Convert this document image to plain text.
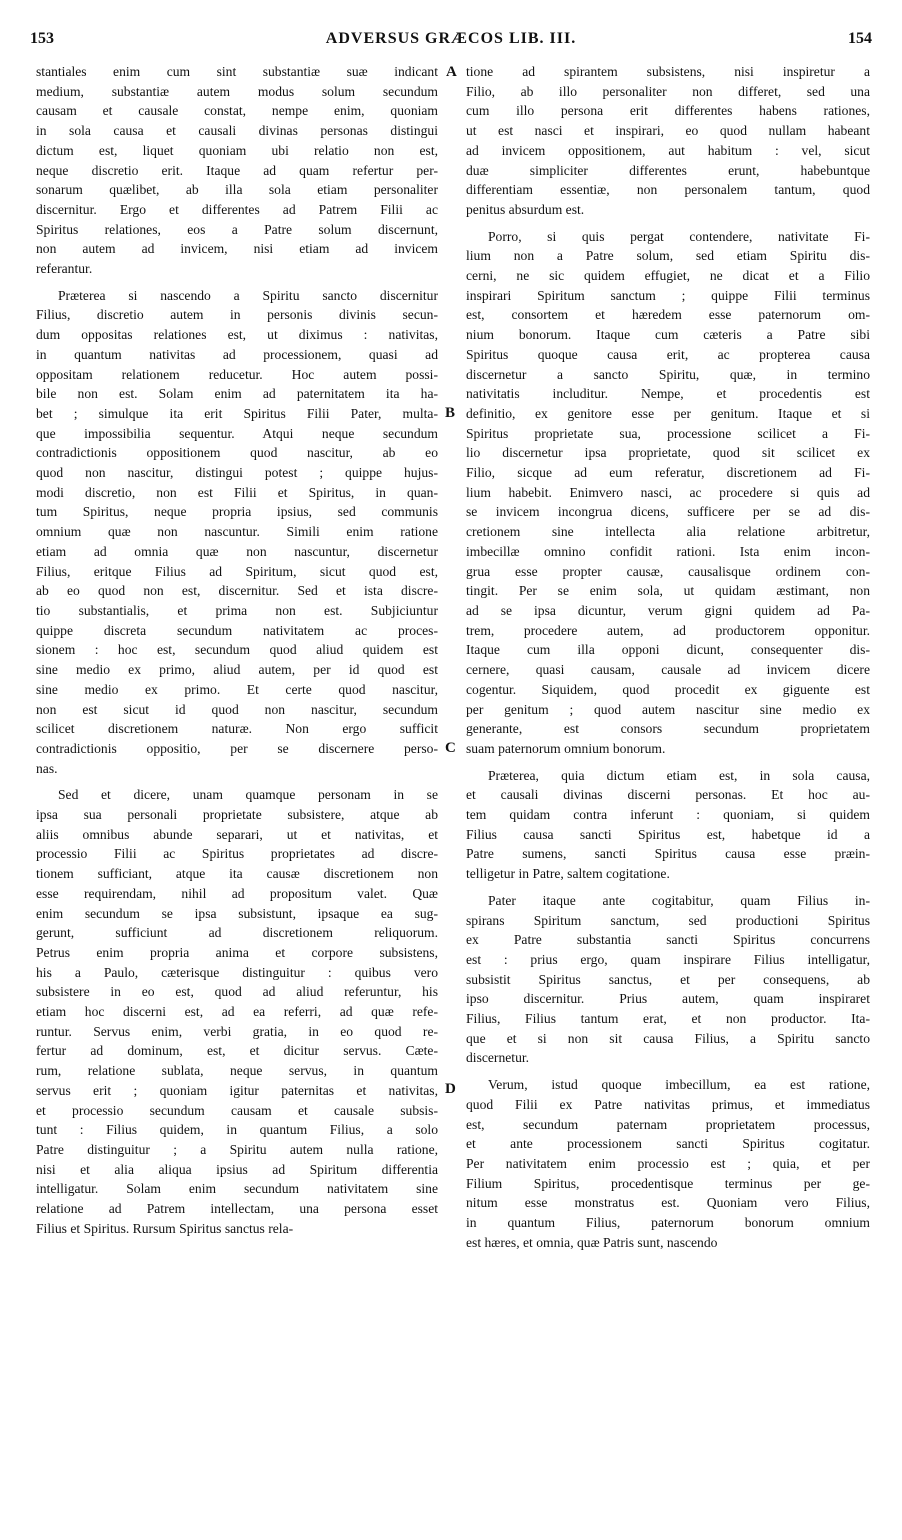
153	ADVERSUS GRÆCOS LIB. III.	154
stantiales enim cum sint substantiæ suæ indicant
medium, substantiæ autem modus solum secundum
causam et causale constat, nempe enim, quoniam
in sola causa et causali divinas personas distingui
dictum est, liquet quoniam ubi relatio non est,
neque discretio erit. Itaque ad quam refertur per-
sonarum quælibet, ab illa sola etiam personaliter
discernitur. Ergo et differentes ad Patrem Filii ac
Spiritus relationes, eos a Patre solum discernunt,
non autem ad invicem, nisi etiam ad invicem
referantur.
Præterea si nascendo a Spiritu sancto discernitur
Filius, discretio autem in personis divinis secun-
dum oppositas relationes est, ut diximus : nativitas,
in quantum nativitas ad processionem, quasi ad
oppositam relationem reducetur. Hoc autem possi-
bile non est. Solam enim ad paternitatem ita ha-
bet ; simulque ita erit Spiritus Filii Pater, multa-
que impossibilia sequentur. Atqui neque secundum
contradictionis oppositionem quod nascitur, ab eo
quod non nascitur, distingui potest ; quippe hujus-
modi discretio, non est Filii et Spiritus, in quan-
tum Spiritus, neque propria ipsius, sed communis
omnium quæ non nascuntur. Simili enim ratione
etiam ad omnia quæ non nascuntur, discernetur
Filius, eritque Filius ad Spiritum, sicut quod est,
ab eo quod non est, discernitur. Sed et ista discre-
tio substantialis, et prima non est. Subjiciuntur
quippe discreta secundum nativitatem ac proces-
sionem : hoc est, secundum quod aliud quidem est
sine medio ex primo, aliud autem, per id quod est
sine medio ex primo. Et certe quod nascitur,
non est sicut id quod non nascitur, secundum
scilicet discretionem naturæ. Non ergo sufficit
contradictionis oppositio, per se discernere perso-
nas.
Sed et dicere, unam quamque personam in se
ipsa sua personali proprietate subsistere, atque ab
aliis omnibus abunde separari, ut et nativitas, et
processio Filii ac Spiritus proprietates ad discre-
tionem sufficiant, atque ita causæ discretionem non
esse requirendam, nihil ad propositum valet. Quæ
enim secundum se ipsa subsistunt, ipsaque ea sug-
gerunt, sufficiunt ad discretionem reliquorum.
Petrus enim propria anima et corpore subsistens,
his a Paulo, cæterisque distinguitur : quibus vero
subsistere in eo est, quod ad aliud referuntur, his
etiam hoc discerni est, ad ea referri, ad quæ refe-
runtur. Servus enim, verbi gratia, in eo quod re-
fertur ad dominum, est, et dicitur servus. Cæte-
rum, relatione sublata, neque servus, in quantum
servus erit ; quoniam igitur paternitas et nativitas,
et processio secundum causam et causale subsis-
tunt : Filius quidem, in quantum Filius, a solo
Patre distinguitur ; a Spiritu autem nulla ratione,
nisi et alia aliqua ipsius ad Spiritum differentia
intelligatur. Solam enim secundum nativitatem sine
relatione ad Patrem intellectam, una persona esset
Filius et Spiritus. Rursum Spiritus sanctus rela-
tione ad spirantem subsistens, nisi inspiretur a
Filio, ab illo personaliter non differet, sed una
cum illo persona erit differentes habens rationes,
ut est nasci et inspirari, eo quod nullam habeant
ad invicem oppositionem, aut habitum : vel, sicut
duæ simpliciter differentes erunt, habebuntque
differentiam essentiæ, non personalem tantum, quod
penitus absurdum est.
Porro, si quis pergat contendere, nativitate Fi-
lium non a Patre solum, sed etiam Spiritu dis-
cerni, ne sic quidem effugiet, ne dicat et a Filio
inspirari Spiritum sanctum ; quippe Filii terminus
est, consortem et hæredem esse paternorum om-
nium bonorum. Itaque cum cæteris a Patre sibi
Spiritus quoque causa erit, ac propterea causa
discernetur a sancto Spiritu, quæ, in termino
nativitatis includitur. Nempe, et procedentis est
definitio, ex genitore esse per genitum. Itaque et si
Spiritus proprietate sua, processione scilicet a Fi-
lio discernetur ipsa proprietate, quod sit scilicet ex
Filio, sicque ad eum referatur, discretionem ad Fi-
lium habebit. Enimvero nasci, ac procedere si quis ad
se invicem incongrua dicens, sufficere per se ad dis-
cretionem sine intellecta alia relatione arbitretur,
imbecillæ omnino confidit rationi. Ista enim incon-
grua esse propter causæ, causalisque ordinem con-
tingit. Per se enim sola, ut quidam æstimant, non
ad se ipsa dicuntur, verum gigni quidem ad Pa-
trem, procedere autem, ad productorem opponitur.
Itaque cum illa opponi dicunt, consequenter dis-
cernere, quasi causam, causale ad invicem dicere
cogentur. Siquidem, quod procedit ex giguente est
per genitum ; quod autem nascitur sine medio ex
generante, est consors secundum proprietatem
suam paternorum omnium bonorum.
Præterea, quia dictum etiam est, in sola causa,
et causali divinas discerni personas. Et hoc au-
tem quidam contra inferunt : quoniam, si quidem
Filius causa sancti Spiritus est, habetque id a
Patre sumens, sancti Spiritus causa esse præin-
telligetur in Patre, saltem cogitatione.
Pater itaque ante cogitabitur, quam Filius in-
spirans Spiritum sanctum, sed productioni Spiritus
ex Patre substantia sancti Spiritus concurrens
est : prius ergo, quam inspirare Filius intelligatur,
subsistit Spiritus sanctus, et per consequens, ab
ipso discernitur. Prius autem, quam inspiraret
Filius, Filius tantum erat, et non productor. Ita-
que et si non sit causa Filius, a Spiritu sancto
discernetur.
Verum, istud quoque imbecillum, ea est ratione,
quod Filii ex Patre nativitas primus, et immediatus
est, secundum paternam proprietatem processus,
et ante processionem sancti Spiritus cogitatur.
Per nativitatem enim processio est ; quia, et per
Filium Spiritus, procedentisque terminus per ge-
nitum esse monstratus est. Quoniam vero Filius,
in quantum Filius, paternorum bonorum omnium
est hæres, et omnia, quæ Patris sunt, nascendo
A
B
C
D
